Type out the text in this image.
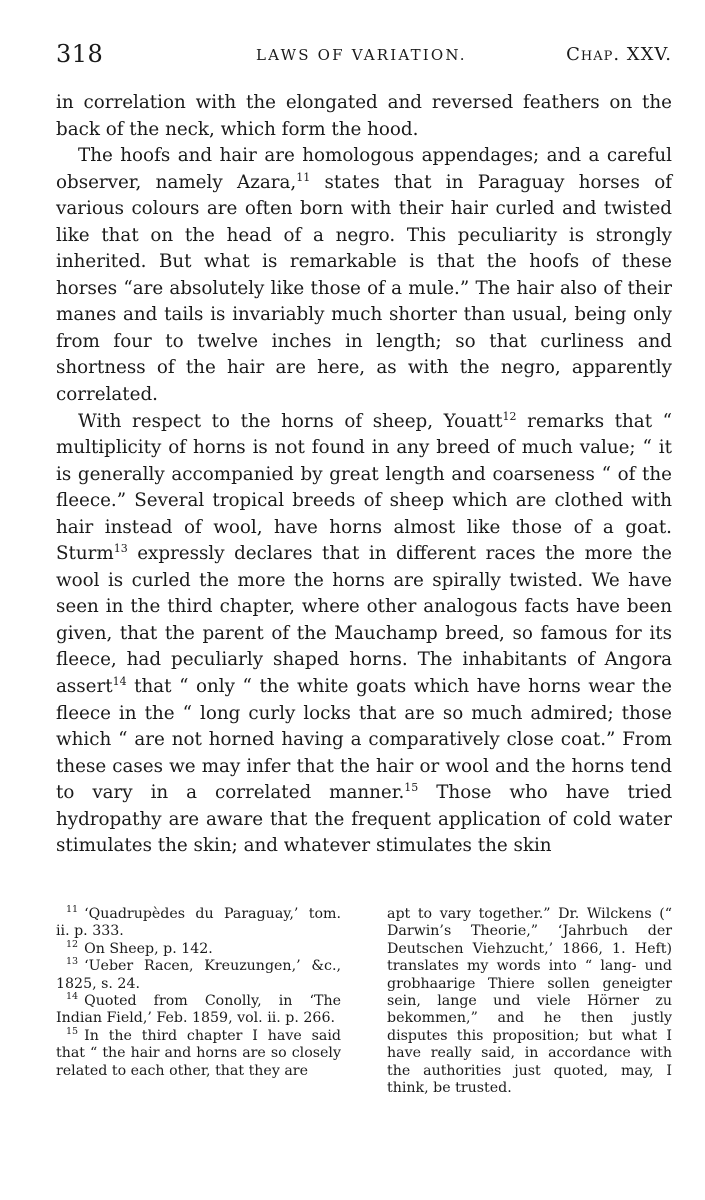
318	LAWS OF VARIATION.	Chap. XXV.

in correlation with the elongated and reversed feathers on the back of the neck, which form the hood.

The hoofs and hair are homologous appendages; and a careful observer, namely Azara,$^{11}$ states that in Paraguay horses of various colours are often born with their hair curled and twisted like that on the head of a negro. This peculiarity is strongly inherited. But what is remarkable is that the hoofs of these horses “are absolutely like those of a mule.” The hair also of their manes and tails is invariably much shorter than usual, being only from four to twelve inches in length; so that curliness and shortness of the hair are here, as with the negro, apparently correlated.

With respect to the horns of sheep, Youatt$^{12}$ remarks that “ multiplicity of horns is not found in any breed of much value; “ it is generally accompanied by great length and coarseness “ of the fleece.” Several tropical breeds of sheep which are clothed with hair instead of wool, have horns almost like those of a goat. Sturm$^{13}$ expressly declares that in different races the more the wool is curled the more the horns are spirally twisted. We have seen in the third chapter, where other analogous facts have been given, that the parent of the Mauchamp breed, so famous for its fleece, had peculiarly shaped horns. The inhabitants of Angora assert$^{14}$ that “ only “ the white goats which have horns wear the fleece in the “ long curly locks that are so much admired; those which “ are not horned having a comparatively close coat.” From these cases we may infer that the hair or wool and the horns tend to vary in a correlated manner.$^{15}$ Those who have tried hydropathy are aware that the frequent application of cold water stimulates the skin; and whatever stimulates the skin

$^{11}$ ‘Quadrupèdes du Paraguay,’ tom. ii. p. 333.

$^{12}$ On Sheep, p. 142.

$^{13}$ ‘Ueber Racen, Kreuzungen,’ &c., 1825, s. 24.

$^{14}$ Quoted from Conolly, in ‘The Indian Field,’ Feb. 1859, vol. ii. p. 266.

$^{15}$ In the third chapter I have said that “ the hair and horns are so closely related to each other, that they are

apt to vary together.” Dr. Wilckens (“ Darwin’s Theorie,” ‘Jahrbuch der Deutschen Viehzucht,’ 1866, 1. Heft) translates my words into “ lang- und grobhaarige Thiere sollen geneigter sein, lange und viele Hörner zu bekommen,” and he then justly disputes this proposition; but what I have really said, in accordance with the authorities just quoted, may, I think, be trusted.
